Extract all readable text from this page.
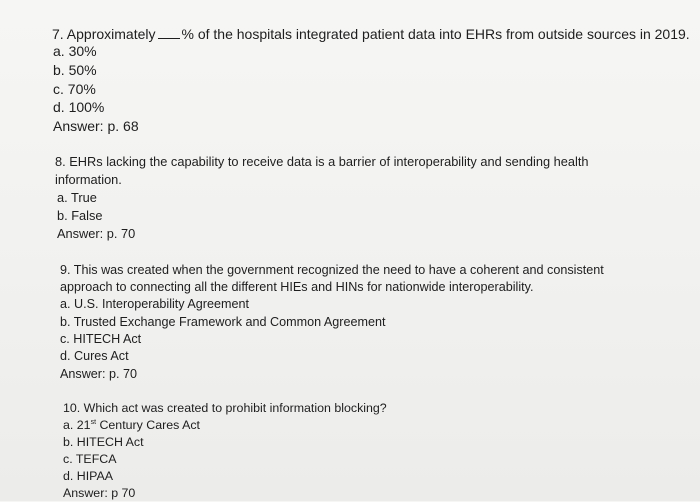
7. Approximately % of the hospitals integrated patient data into EHRs from outside sources in 2019.
a. 30%
b. 50%
c. 70%
d. 100%
Answer: p. 68
8. EHRs lacking the capability to receive data is a barrier of interoperability and sending health
information.
a. True
b. False
Answer: p. 70
9. This was created when the government recognized the need to have a coherent and consistent
approach to connecting all the different HIEs and HINs for nationwide interoperability.
a. U.S. Interoperability Agreement
b. Trusted Exchange Framework and Common Agreement
c. HITECH Act
d. Cures Act
Answer: p. 70
10. Which act was created to prohibit information blocking?
a. 21st Century Cares Act
b. HITECH Act
c. TEFCA
d. HIPAA
Answer: p 70
